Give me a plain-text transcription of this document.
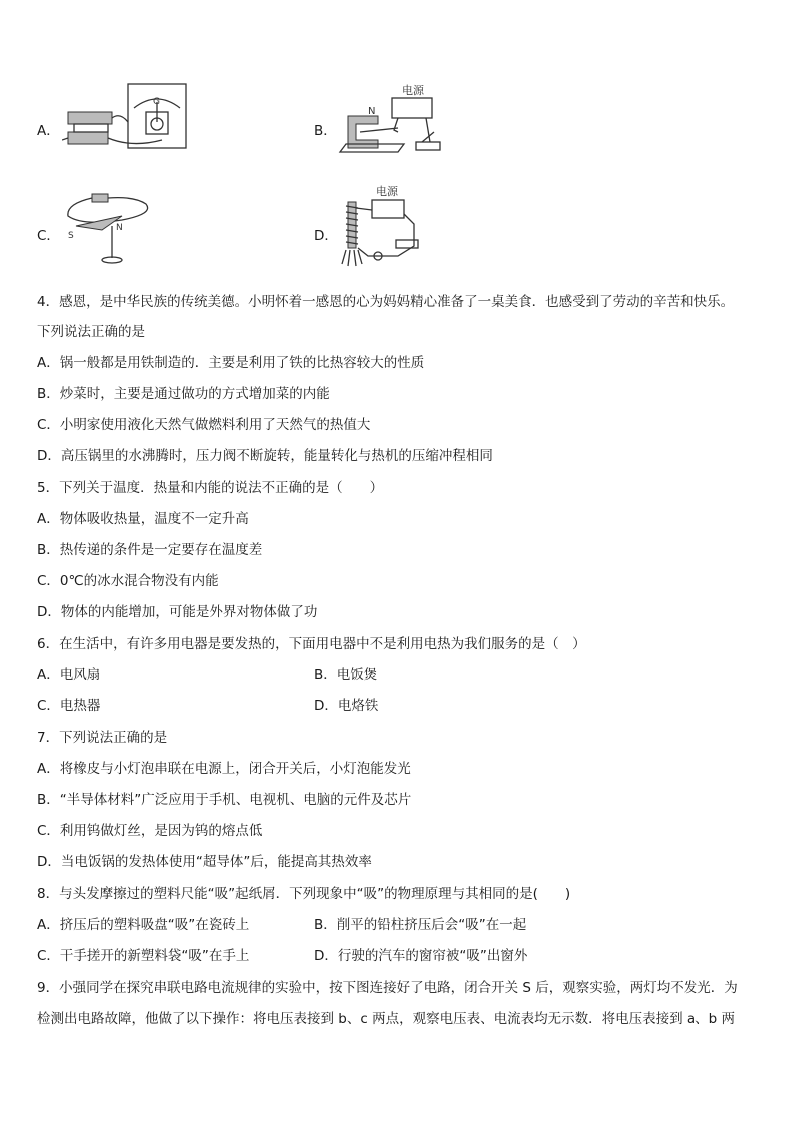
A．
G
B．
电源
N
C． S
N	D．
电源
4．感恩，是中华民族的传统美德。小明怀着一感恩的心为妈妈精心准备了一桌美食．也感受到了劳动的辛苦和快乐。
下列说法正确的是
A．锅一般都是用铁制造的．主要是利用了铁的比热容较大的性质
B．炒菜时，主要是通过做功的方式增加菜的内能
C．小明家使用液化天然气做燃料利用了天然气的热值大
D．高压锅里的水沸腾时，压力阀不断旋转，能量转化与热机的压缩冲程相同
5．下列关于温度．热量和内能的说法不正确的是（　　）
A．物体吸收热量，温度不一定升高
B．热传递的条件是一定要存在温度差
C．0℃的冰水混合物没有内能
D．物体的内能增加，可能是外界对物体做了功
6．在生活中，有许多用电器是要发热的，下面用电器中不是利用电热为我们服务的是（　）
A．电风扇	B．电饭煲
C．电热器	D．电烙铁
7．下列说法正确的是
A．将橡皮与小灯泡串联在电源上，闭合开关后，小灯泡能发光
B．“半导体材料”广泛应用于手机、电视机、电脑的元件及芯片
C．利用钨做灯丝，是因为钨的熔点低
D．当电饭锅的发热体使用“超导体”后，能提高其热效率
8．与头发摩擦过的塑料尺能“吸”起纸屑．下列现象中“吸”的物理原理与其相同的是(　　)
A．挤压后的塑料吸盘“吸”在瓷砖上	B．削平的铅柱挤压后会“吸”在一起
C．干手搓开的新塑料袋“吸”在手上	D．行驶的汽车的窗帘被“吸”出窗外
9．小强同学在探究串联电路电流规律的实验中，按下图连接好了电路，闭合开关 S 后，观察实验，两灯均不发光．为
检测出电路故障，他做了以下操作：将电压表接到 b、c 两点，观察电压表、电流表均无示数．将电压表接到 a、b 两
